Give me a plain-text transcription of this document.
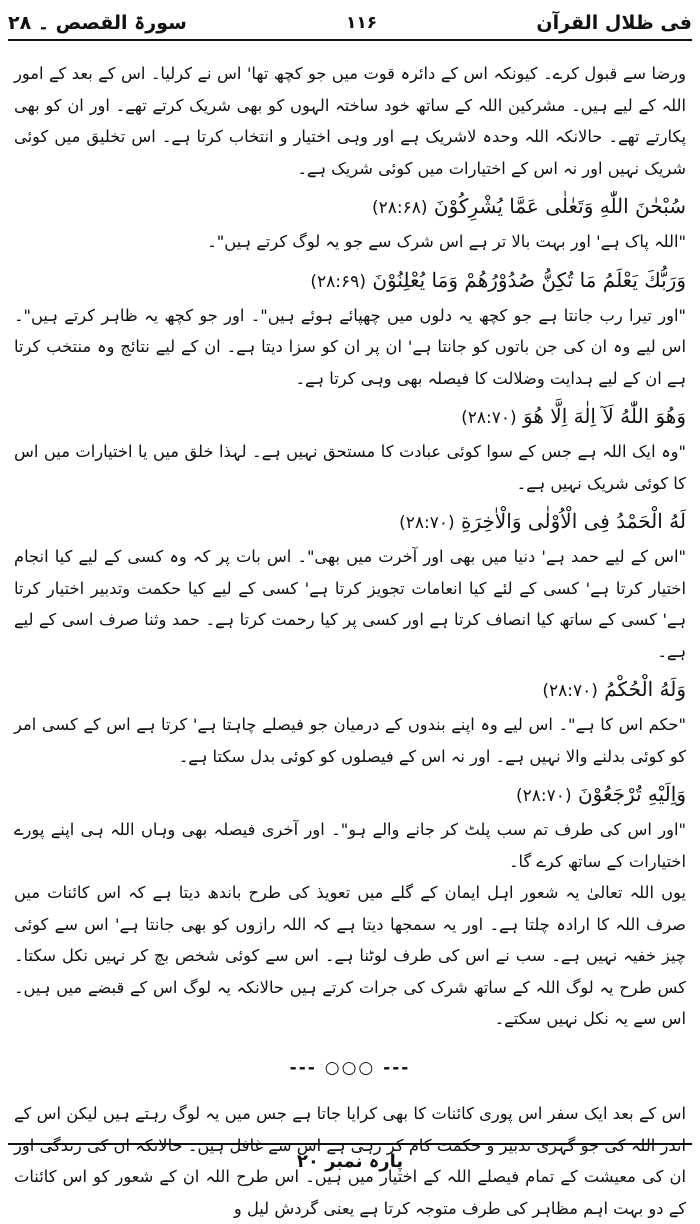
فی ظلال القرآن
۱۱۶
سورۃ القصص ۔ ۲۸

ورضا سے قبول کرے۔ کیونکہ اس کے دائرہ قوت میں جو کچھ تھا' اس نے کرلیا۔ اس کے بعد کے امور اللہ کے لیے ہیں۔ مشرکین اللہ کے ساتھ خود ساختہ الہوں کو بھی شریک کرتے تھے۔ اور ان کو بھی پکارتے تھے۔ حالانکہ اللہ وحدہ لاشریک ہے اور وہی اختیار و انتخاب کرتا ہے۔ اس تخلیق میں کوئی شریک نہیں اور نہ اس کے اختیارات میں کوئی شریک ہے۔

سُبْحٰنَ اللّٰهِ وَتَعٰلٰى عَمَّا يُشْرِكُوْنَ (۲۸:۶۸)

"اللہ پاک ہے' اور بہت بالا تر ہے اس شرک سے جو یہ لوگ کرتے ہیں"۔

وَرَبُّكَ يَعْلَمُ مَا تُكِنُّ صُدُوْرُهُمْ وَمَا يُعْلِنُوْنَ (۲۸:۶۹)

"اور تیرا رب جانتا ہے جو کچھ یہ دلوں میں چھپائے ہوئے ہیں"۔ اور جو کچھ یہ ظاہر کرتے ہیں"۔ اس لیے وہ ان کی جن باتوں کو جانتا ہے' ان پر ان کو سزا دیتا ہے۔ ان کے لیے نتائج وہ منتخب کرتا ہے ان کے لیے ہدایت وضلالت کا فیصلہ بھی وہی کرتا ہے۔

وَهُوَ اللّٰهُ لَآ اِلٰهَ اِلَّا هُوَ (۲۸:۷۰)

"وہ ایک اللہ ہے جس کے سوا کوئی عبادت کا مستحق نہیں ہے۔ لہذا خلق میں یا اختیارات میں اس کا کوئی شریک نہیں ہے۔

لَهُ الْحَمْدُ فِى الْاُوْلٰى وَالْاٰخِرَةِ (۲۸:۷۰)

"اس کے لیے حمد ہے' دنیا میں بھی اور آخرت میں بھی"۔ اس بات پر کہ وہ کسی کے لیے کیا انجام اختیار کرتا ہے' کسی کے لئے کیا انعامات تجویز کرتا ہے' کسی کے لیے کیا حکمت وتدبیر اختیار کرتا ہے' کسی کے ساتھ کیا انصاف کرتا ہے اور کسی پر کیا رحمت کرتا ہے۔ حمد وثنا صرف اسی کے لیے ہے۔

وَلَهُ الْحُكْمُ (۲۸:۷۰)

"حکم اس کا ہے"۔ اس لیے وہ اپنے بندوں کے درمیان جو فیصلے چاہتا ہے' کرتا ہے اس کے کسی امر کو کوئی بدلنے والا نہیں ہے۔ اور نہ اس کے فیصلوں کو کوئی بدل سکتا ہے۔

وَاِلَيْهِ تُرْجَعُوْنَ (۲۸:۷۰)

"اور اس کی طرف تم سب پلٹ کر جانے والے ہو"۔ اور آخری فیصلہ بھی وہاں اللہ ہی اپنے پورے اختیارات کے ساتھ کرے گا۔

یوں اللہ تعالیٰ یہ شعور اہل ایمان کے گلے میں تعویذ کی طرح باندھ دیتا ہے کہ اس کائنات میں صرف اللہ کا ارادہ چلتا ہے۔ اور یہ سمجھا دیتا ہے کہ اللہ رازوں کو بھی جانتا ہے' اس سے کوئی چیز خفیہ نہیں ہے۔ سب نے اس کی طرف لوٹنا ہے۔ اس سے کوئی شخص بچ کر نہیں نکل سکتا۔ کس طرح یہ لوگ اللہ کے ساتھ شرک کی جرات کرتے ہیں حالانکہ یہ لوگ اس کے قبضے میں ہیں۔ اس سے یہ نکل نہیں سکتے۔

--- ○○○ ---

اس کے بعد ایک سفر اس پوری کائنات کا بھی کرایا جاتا ہے جس میں یہ لوگ رہتے ہیں لیکن اس کے اندر اللہ کی جو گہری تدبیر و حکمت کام کر رہی ہے اس سے غافل ہیں۔ حالانکہ ان کی زندگی اور ان کی معیشت کے تمام فیصلے اللہ کے اختیار میں ہیں۔ اس طرح اللہ ان کے شعور کو اس کائنات کے دو بہت اہم مظاہر کی طرف متوجہ کرتا ہے یعنی گردش لیل و

پارہ نمبر ۲۰
